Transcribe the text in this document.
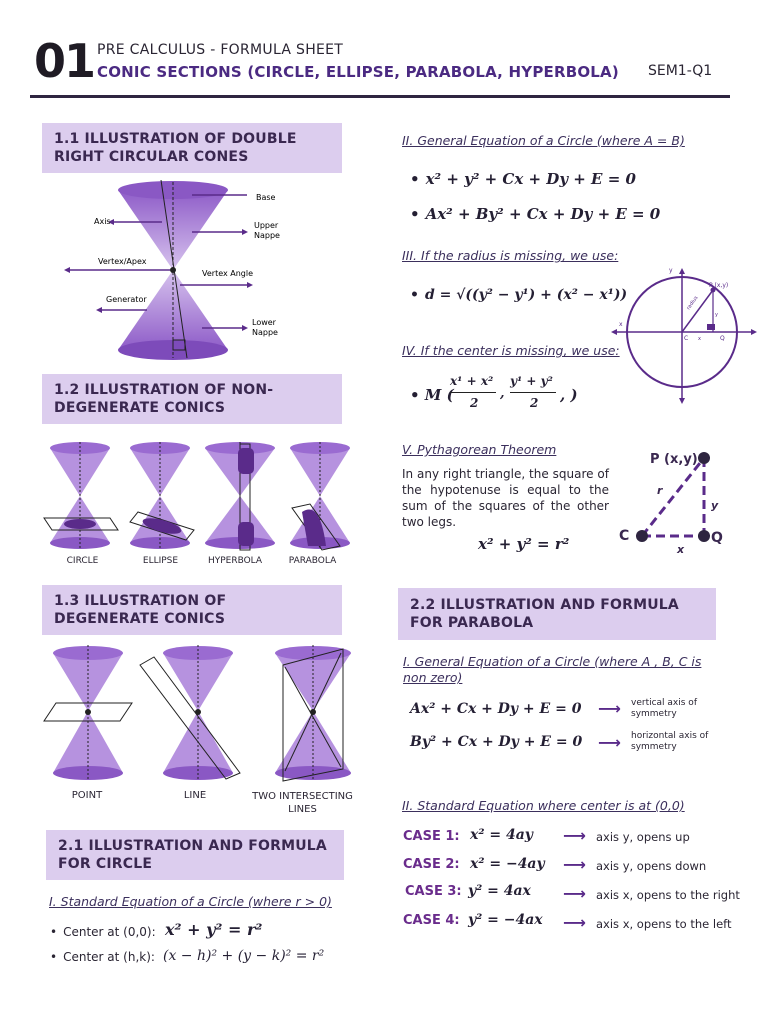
01 PRE CALCULUS - FORMULA SHEET
CONIC SECTIONS (CIRCLE, ELLIPSE, PARABOLA, HYPERBOLA) SEM1-Q1
1.1 ILLUSTRATION OF DOUBLE RIGHT CIRCULAR CONES
Base
Axis	Upper
Nappe
Vertex/Apex
Vertex Angle
Generator
Lower
Nappe
1.2 ILLUSTRATION OF NON-DEGENERATE CONICS
CIRCLE	ELLIPSE	HYPERBOLA	PARABOLA
1.3 ILLUSTRATION OF DEGENERATE CONICS
POINT	LINE	TWO INTERSECTING LINES
2.1 ILLUSTRATION AND FORMULA FOR CIRCLE
I. Standard Equation of a Circle (where r > 0)
• Center at (0,0): x² + y² = r²
• Center at (h,k): (x − h)² + (y − k)² = r²
II. General Equation of a Circle (where A = B)
• x² + y² + Cx + Dy + E = 0
• Ax² + By² + Cx + Dy + E = 0
III. If the radius is missing, we use:
• d = √((y² − y¹) + (x² − x¹))
IV. If the center is missing, we use:
• M (
x¹ + x²
2
,
y¹ + y²
2 , )
y
x
P (x,y)
radius
C x	Q
y
V. Pythagorean Theorem
In any right triangle, the square of the hypotenuse is equal to the sum of the squares of the other two legs.
x² + y² = r²
P (x,y)
C	Q
r
x
y
2.2 ILLUSTRATION AND FORMULA FOR PARABOLA
I. General Equation of a Circle (where A , B, C is non zero)
Ax² + Cx + Dy + E = 0 ⟶ vertical axis of symmetry
By² + Cx + Dy + E = 0 ⟶ horizontal axis of symmetry
II. Standard Equation where center is at (0,0)
CASE 1: x² = 4ay ⟶ axis y, opens up
CASE 2: x² = −4ay ⟶ axis y, opens down
CASE 3: y² = 4ax ⟶ axis x, opens to the right
CASE 4: y² = −4ax ⟶ axis x, opens to the left
